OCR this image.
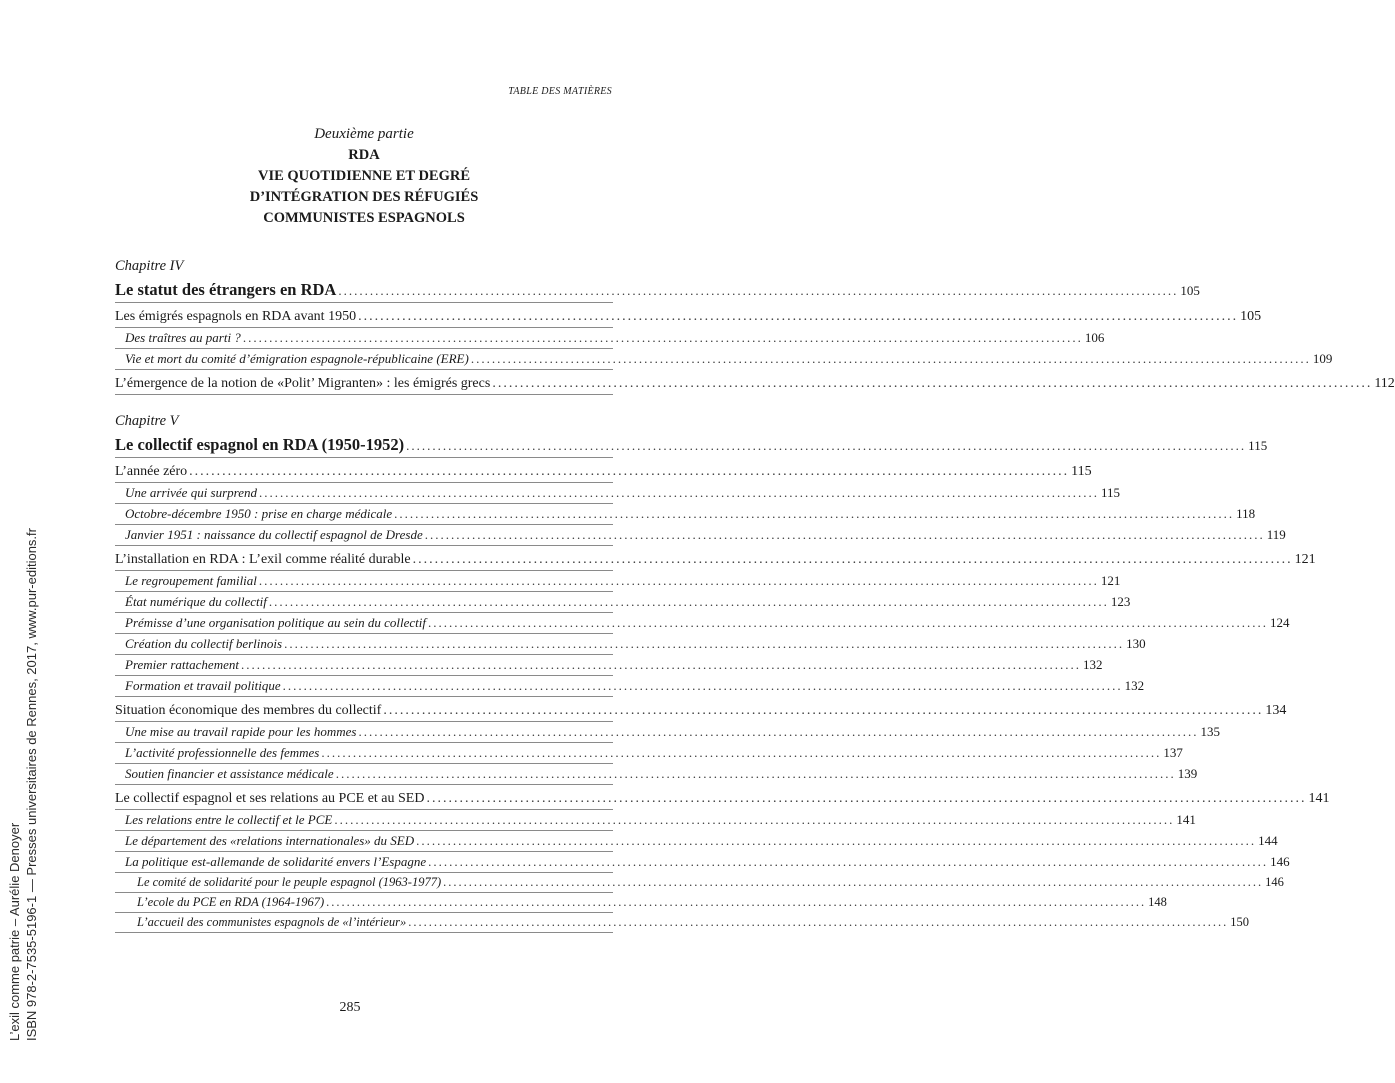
TABLE DES MATIÈRES
Deuxième partie
RDA
VIE QUOTIDIENNE ET DEGRÉ
D’INTÉGRATION DES RÉFUGIÉS
COMMUNISTES ESPAGNOLS
Chapitre IV
Le statut des étrangers en RDA ................................................................................................................................................................ 105
Les émigrés espagnols en RDA avant 1950 ................................................................................................................................................................ 105
Des traîtres au parti ? ................................................................................................................................................................ 106
Vie et mort du comité d’émigration espagnole-républicaine (ERE) ................................................................................................................................................................ 109
L’émergence de la notion de «Polit’ Migranten» : les émigrés grecs ................................................................................................................................................................ 112
Chapitre V
Le collectif espagnol en RDA (1950-1952) ................................................................................................................................................................ 115
L’année zéro ................................................................................................................................................................ 115
Une arrivée qui surprend ................................................................................................................................................................ 115
Octobre-décembre 1950 : prise en charge médicale ................................................................................................................................................................ 118
Janvier 1951 : naissance du collectif espagnol de Dresde ................................................................................................................................................................ 119
L’installation en RDA : L’exil comme réalité durable ................................................................................................................................................................ 121
Le regroupement familial ................................................................................................................................................................ 121
État numérique du collectif ................................................................................................................................................................ 123
Prémisse d’une organisation politique au sein du collectif ................................................................................................................................................................ 124
Création du collectif berlinois ................................................................................................................................................................ 130
Premier rattachement ................................................................................................................................................................ 132
Formation et travail politique ................................................................................................................................................................ 132
Situation économique des membres du collectif ................................................................................................................................................................ 134
Une mise au travail rapide pour les hommes ................................................................................................................................................................ 135
L’activité professionnelle des femmes ................................................................................................................................................................ 137
Soutien financier et assistance médicale ................................................................................................................................................................ 139
Le collectif espagnol et ses relations au PCE et au SED ................................................................................................................................................................ 141
Les relations entre le collectif et le PCE ................................................................................................................................................................ 141
Le département des «relations internationales» du SED ................................................................................................................................................................ 144
La politique est-allemande de solidarité envers l’Espagne ................................................................................................................................................................ 146
Le comité de solidarité pour le peuple espagnol (1963-1977) ................................................................................................................................................................ 146
L’ecole du PCE en RDA (1964-1967) ................................................................................................................................................................ 148
L’accueil des communistes espagnols de «l’intérieur» ................................................................................................................................................................ 150
285
L’exil comme patrie – Aurélie Denoyer ISBN 978-2-7535-5196-1 — Presses universitaires de Rennes, 2017, www.pur-editions.fr
